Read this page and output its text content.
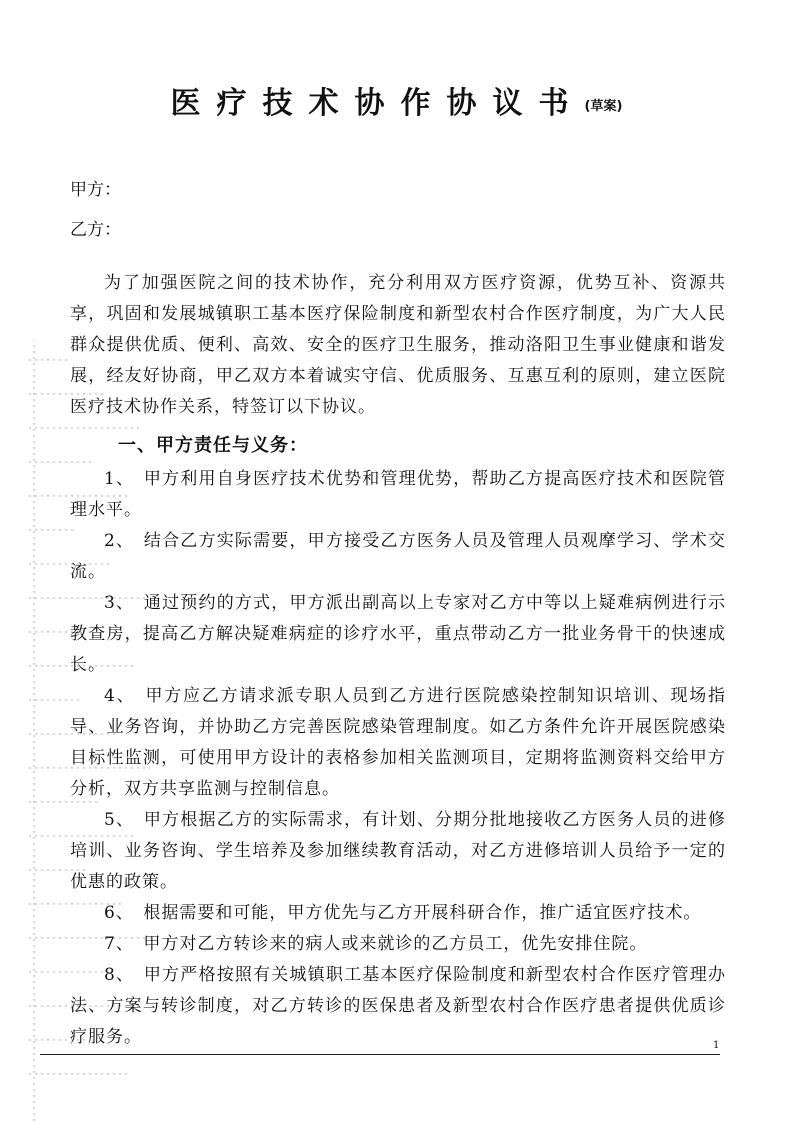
医疗技术协作协议书$^{(草案)}$
甲方：
乙方：
为了加强医院之间的技术协作，充分利用双方医疗资源，优势互补、资源共享，巩固和发展城镇职工基本医疗保险制度和新型农村合作医疗制度，为广大人民群众提供优质、便利、高效、安全的医疗卫生服务，推动洛阳卫生事业健康和谐发展，经友好协商，甲乙双方本着诚实守信、优质服务、互惠互利的原则，建立医院医疗技术协作关系，特签订以下协议。
一、甲方责任与义务：
1、　甲方利用自身医疗技术优势和管理优势，帮助乙方提高医疗技术和医院管理水平。
2、　结合乙方实际需要，甲方接受乙方医务人员及管理人员观摩学习、学术交流。
3、　通过预约的方式，甲方派出副高以上专家对乙方中等以上疑难病例进行示教查房，提高乙方解决疑难病症的诊疗水平，重点带动乙方一批业务骨干的快速成长。
4、　甲方应乙方请求派专职人员到乙方进行医院感染控制知识培训、现场指导、业务咨询，并协助乙方完善医院感染管理制度。如乙方条件允许开展医院感染目标性监测，可使用甲方设计的表格参加相关监测项目，定期将监测资料交给甲方分析，双方共享监测与控制信息。
5、　甲方根据乙方的实际需求，有计划、分期分批地接收乙方医务人员的进修培训、业务咨询、学生培养及参加继续教育活动，对乙方进修培训人员给予一定的优惠的政策。
6、　根据需要和可能，甲方优先与乙方开展科研合作，推广适宜医疗技术。
7、　甲方对乙方转诊来的病人或来就诊的乙方员工，优先安排住院。
8、　甲方严格按照有关城镇职工基本医疗保险制度和新型农村合作医疗管理办法、方案与转诊制度，对乙方转诊的医保患者及新型农村合作医疗患者提供优质诊疗服务。	1
